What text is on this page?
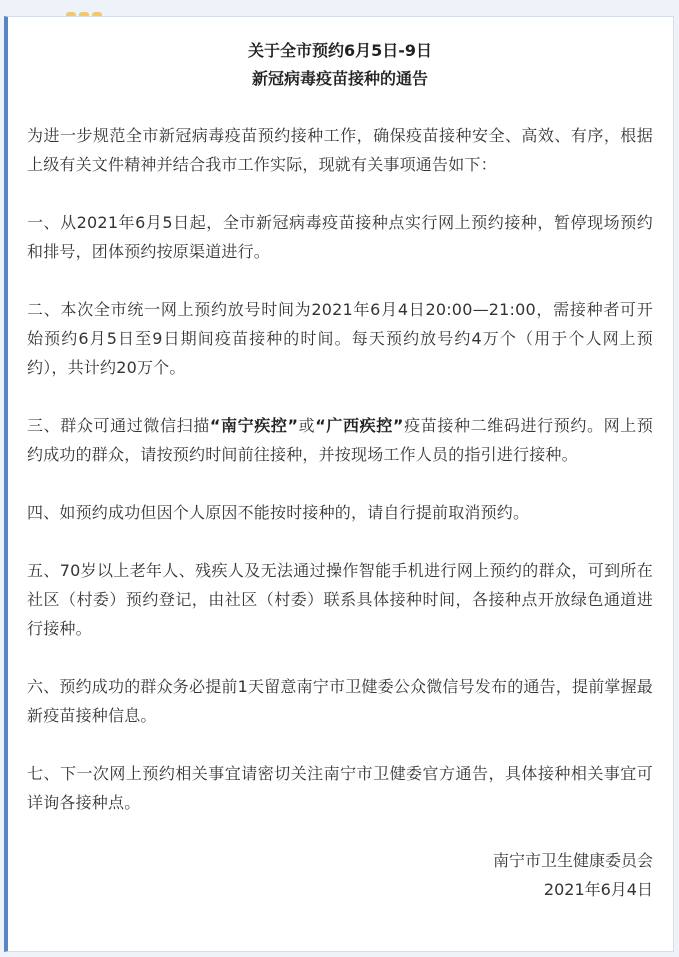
关于全市预约6月5日-9日
新冠病毒疫苗接种的通告

为进一步规范全市新冠病毒疫苗预约接种工作，确保疫苗接种安全、高效、有序，根据上级有关文件精神并结合我市工作实际，现就有关事项通告如下：

一、从2021年6月5日起，全市新冠病毒疫苗接种点实行网上预约接种，暂停现场预约和排号，团体预约按原渠道进行。

二、本次全市统一网上预约放号时间为2021年6月4日20:00—21:00，需接种者可开始预约6月5日至9日期间疫苗接种的时间。每天预约放号约4万个（用于个人网上预约），共计约20万个。

三、群众可通过微信扫描“南宁疾控”或“广西疾控”疫苗接种二维码进行预约。网上预约成功的群众，请按预约时间前往接种，并按现场工作人员的指引进行接种。

四、如预约成功但因个人原因不能按时接种的，请自行提前取消预约。

五、70岁以上老年人、残疾人及无法通过操作智能手机进行网上预约的群众，可到所在社区（村委）预约登记，由社区（村委）联系具体接种时间，各接种点开放绿色通道进行接种。

六、预约成功的群众务必提前1天留意南宁市卫健委公众微信号发布的通告，提前掌握最新疫苗接种信息。

七、下一次网上预约相关事宜请密切关注南宁市卫健委官方通告，具体接种相关事宜可详询各接种点。

南宁市卫生健康委员会
2021年6月4日
